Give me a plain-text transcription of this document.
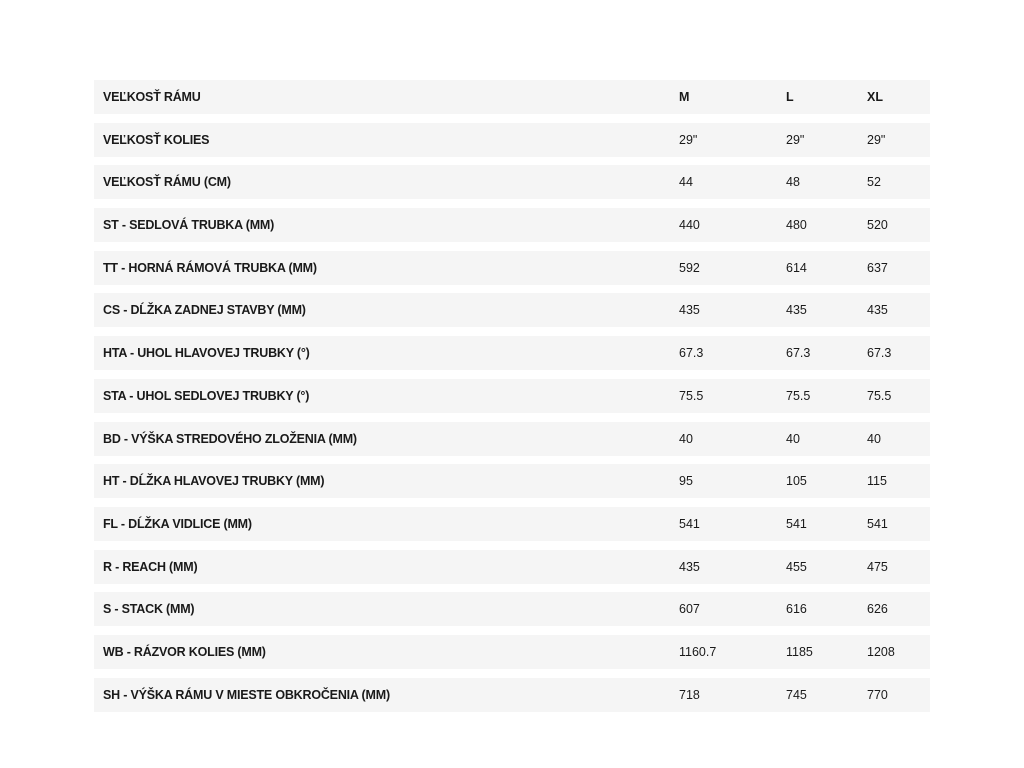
VEĽKOSŤ RÁMU	M	L	XL
VEĽKOSŤ KOLIES	29"	29"	29"
VEĽKOSŤ RÁMU (CM)	44	48	52
ST - SEDLOVÁ TRUBKA (MM)	440	480	520
TT - HORNÁ RÁMOVÁ TRUBKA (MM)	592	614	637
CS - DĹŽKA ZADNEJ STAVBY (MM)	435	435	435
HTA - UHOL HLAVOVEJ TRUBKY (°)	67.3	67.3	67.3
STA - UHOL SEDLOVEJ TRUBKY (°)	75.5	75.5	75.5
BD - VÝŠKA STREDOVÉHO ZLOŽENIA (MM)	40	40	40
HT - DĹŽKA HLAVOVEJ TRUBKY (MM)	95	105	115
FL - DĹŽKA VIDLICE (MM)	541	541	541
R - REACH (MM)	435	455	475
S - STACK (MM)	607	616	626
WB - RÁZVOR KOLIES (MM)	1160.7	1185	1208
SH - VÝŠKA RÁMU V MIESTE OBKROČENIA (MM)	718	745	770
